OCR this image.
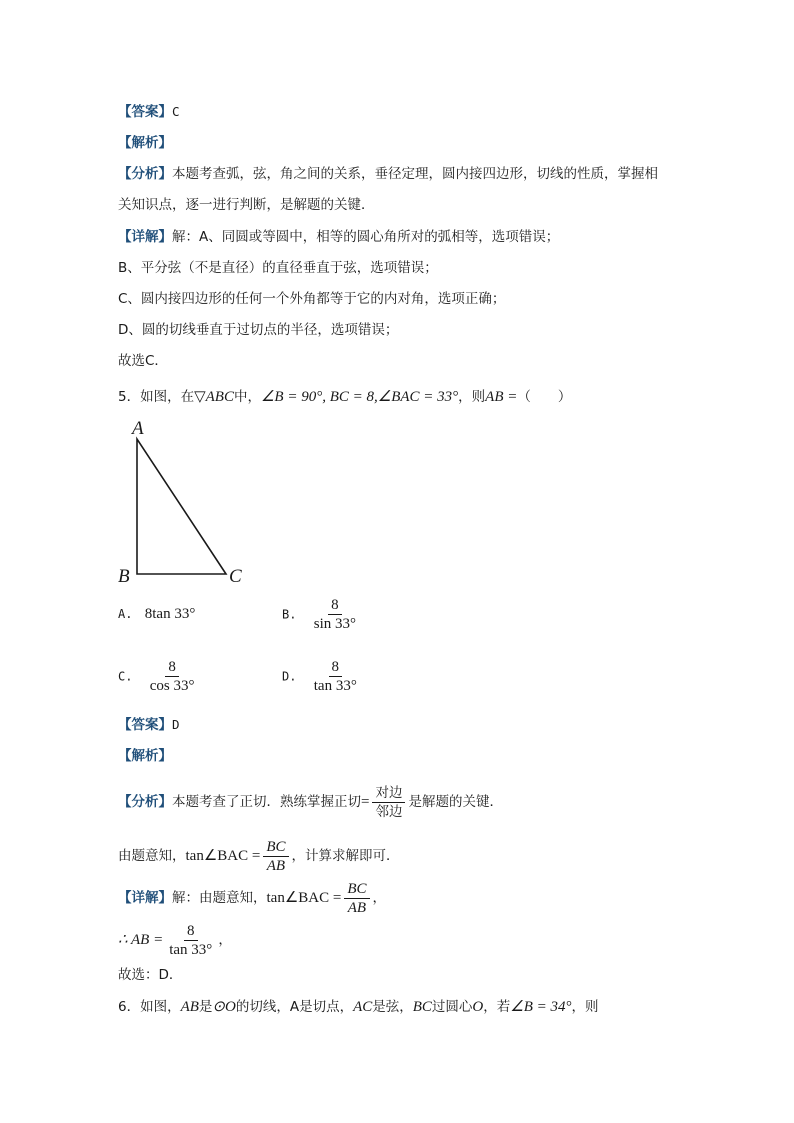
【答案】C
【解析】
【分析】本题考查弧，弦，角之间的关系，垂径定理，圆内接四边形，切线的性质，掌握相
关知识点，逐一进行判断，是解题的关键．
【详解】解：A、同圆或等圆中，相等的圆心角所对的弧相等，选项错误；
B、平分弦（不是直径）的直径垂直于弦，选项错误；
C、圆内接四边形的任何一个外角都等于它的内对角，选项正确；
D、圆的切线垂直于过切点的半径，选项错误；
故选C．
5．如图，在▽ABC中，∠B = 90°, BC = 8,∠BAC = 33°，则AB =（　　）
A
B	C
A. 8tan 33°	B. $\frac{8}{\sin 33^\circ}$
C. $\frac{8}{\cos 33^\circ}$	D. $\frac{8}{\tan 33^\circ}$
【答案】D
【解析】
【分析】本题考查了正切．熟练掌握正切= $\frac{\text{对边}}{\text{邻边}}$ 是解题的关键．
由题意知，tan∠BAC = $\frac{BC}{AB}$ ，计算求解即可．
【详解】解：由题意知，tan∠BAC = $\frac{BC}{AB}$ ，
∴ AB = $\frac{8}{\tan 33^\circ}$ ，
故选：D．
6．如图，AB是⊙O的切线，A是切点，AC是弦，BC过圆心O，若∠B = 34°，则
